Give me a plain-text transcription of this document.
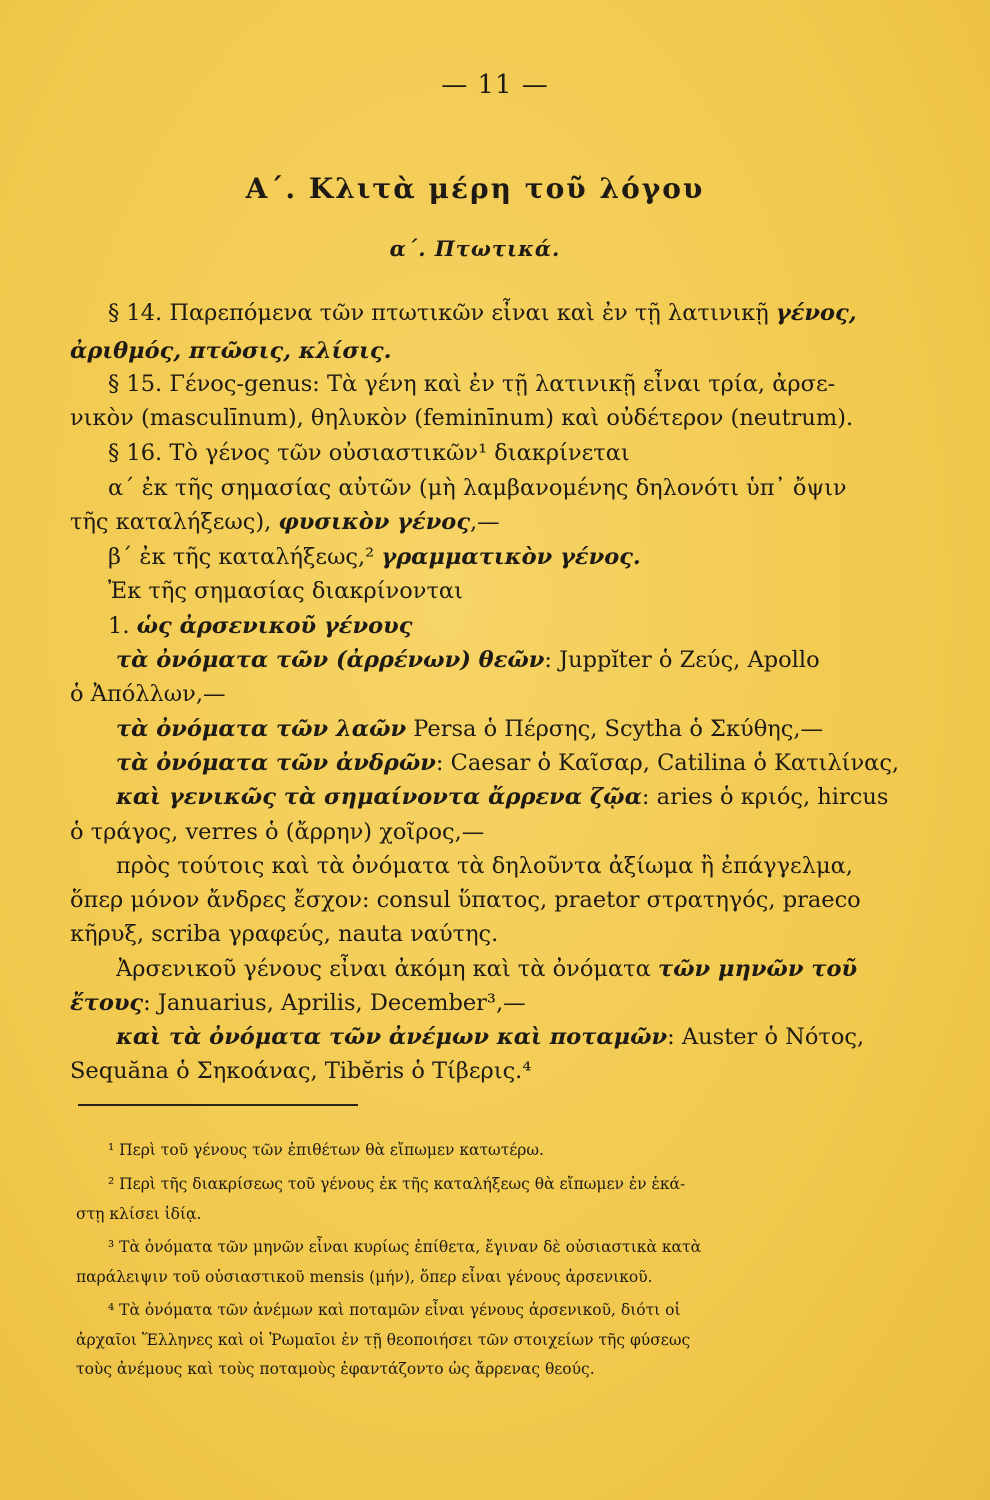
— 11 —
Α΄. Κλιτὰ μέρη τοῦ λόγου
α΄. Πτωτικά.
§ 14. Παρεπόμενα τῶν πτωτικῶν εἶναι καὶ ἐν τῇ λατινικῇ γένος,
ἀριθμός, πτῶσις, κλίσις.
§ 15. Γένος-genus: Τὰ γένη καὶ ἐν τῇ λατινικῇ εἶναι τρία, ἀρσε-
νικὸν (masculīnum), θηλυκὸν (feminīnum) καὶ οὐδέτερον (neutrum).
§ 16. Τὸ γένος τῶν οὐσιαστικῶν¹ διακρίνεται
α΄ ἐκ τῆς σημασίας αὐτῶν (μὴ λαμβανομένης δηλονότι ὑπ᾽ ὄψιν
τῆς καταλήξεως), φυσικὸν γένος,—
β΄ ἐκ τῆς καταλήξεως,² γραμματικὸν γένος.
Ἐκ τῆς σημασίας διακρίνονται
1. ὡς ἀρσενικοῦ γένους
τὰ ὀνόματα τῶν (ἀρρένων) θεῶν: Juppĭter ὁ Ζεύς, Apollo
ὁ Ἀπόλλων,—
τὰ ὀνόματα τῶν λαῶν Persa ὁ Πέρσης, Scytha ὁ Σκύθης,—
τὰ ὀνόματα τῶν ἀνδρῶν: Caesar ὁ Καῖσαρ, Catilina ὁ Κατιλίνας,
καὶ γενικῶς τὰ σημαίνοντα ἄρρενα ζῷα: aries ὁ κριός, hircus
ὁ τράγος, verres ὁ (ἄρρην) χοῖρος,—
πρὸς τούτοις καὶ τὰ ὀνόματα τὰ δηλοῦντα ἀξίωμα ἢ ἐπάγγελμα,
ὅπερ μόνον ἄνδρες ἔσχον: consul ὕπατος, praetor στρατηγός, praeco
κῆρυξ, scriba γραφεύς, nauta ναύτης.
Ἀρσενικοῦ γένους εἶναι ἀκόμη καὶ τὰ ὀνόματα τῶν μηνῶν τοῦ
ἔτους: Januarius, Aprilis, December³,—
καὶ τὰ ὀνόματα τῶν ἀνέμων καὶ ποταμῶν: Auster ὁ Νότος,
Sequăna ὁ Σηκοάνας, Tibĕris ὁ Τίβερις.⁴
¹ Περὶ τοῦ γένους τῶν ἐπιθέτων θὰ εἴπωμεν κατωτέρω.
² Περὶ τῆς διακρίσεως τοῦ γένους ἐκ τῆς καταλήξεως θὰ εἴπωμεν ἐν ἑκά-
στῃ κλίσει ἰδίᾳ.
³ Τὰ ὀνόματα τῶν μηνῶν εἶναι κυρίως ἐπίθετα, ἔγιναν δὲ οὐσιαστικὰ κατὰ
παράλειψιν τοῦ οὐσιαστικοῦ mensis (μήν), ὅπερ εἶναι γένους ἀρσενικοῦ.
⁴ Τὰ ὀνόματα τῶν ἀνέμων καὶ ποταμῶν εἶναι γένους ἀρσενικοῦ, διότι οἱ
ἀρχαῖοι Ἕλληνες καὶ οἱ Ῥωμαῖοι ἐν τῇ θεοποιήσει τῶν στοιχείων τῆς φύσεως
τοὺς ἀνέμους καὶ τοὺς ποταμοὺς ἐφαντάζοντο ὡς ἄρρενας θεούς.
